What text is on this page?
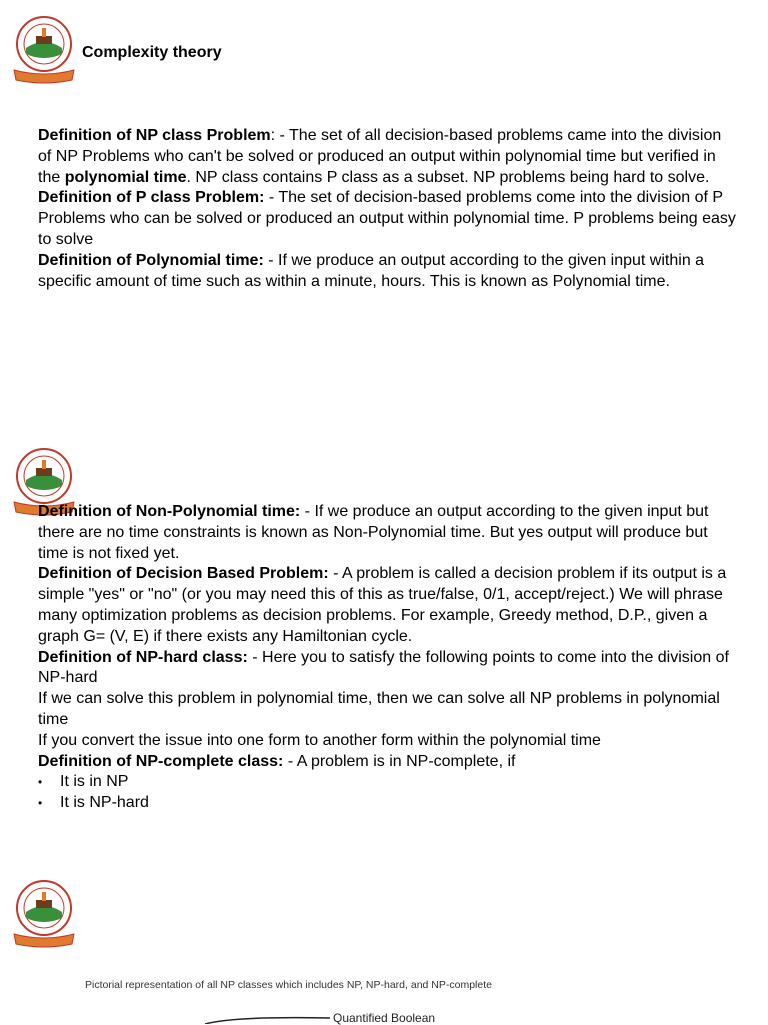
Complexity theory

Definition of NP class Problem: - The set of all decision-based problems came into the division of NP Problems who can't be solved or produced an output within polynomial time but verified in the polynomial time. NP class contains P class as a subset. NP problems being hard to solve.

Definition of P class Problem: - The set of decision-based problems come into the division of P Problems who can be solved or produced an output within polynomial time. P problems being easy to solve

Definition of Polynomial time: - If we produce an output according to the given input within a specific amount of time such as within a minute, hours. This is known as Polynomial time.

Definition of Non-Polynomial time: - If we produce an output according to the given input but there are no time constraints is known as Non-Polynomial time. But yes output will produce but time is not fixed yet.

Definition of Decision Based Problem: - A problem is called a decision problem if its output is a simple "yes" or "no" (or you may need this of this as true/false, 0/1, accept/reject.) We will phrase many optimization problems as decision problems. For example, Greedy method, D.P., given a graph G= (V, E) if there exists any Hamiltonian cycle.

Definition of NP-hard class: - Here you to satisfy the following points to come into the division of NP-hard

If we can solve this problem in polynomial time, then we can solve all NP problems in polynomial time

If you convert the issue into one form to another form within the polynomial time

Definition of NP-complete class: - A problem is in NP-complete, if

•	It is in NP
•	It is NP-hard
Pictorial representation of all NP classes which includes NP, NP-hard, and NP-complete
Quantified Boolean
